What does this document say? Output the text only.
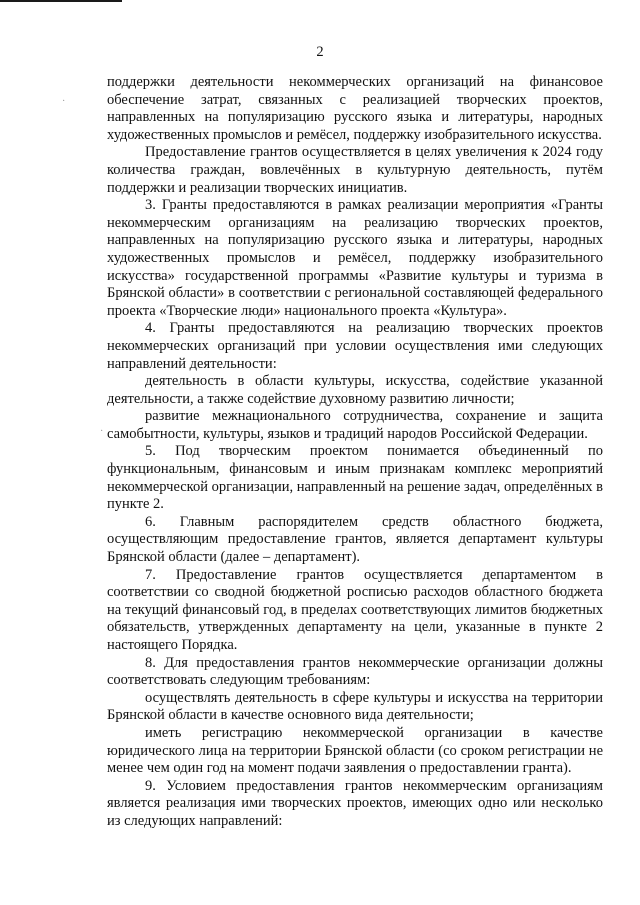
2
·
·

поддержки деятельности некоммерческих организаций на финансовое обеспечение затрат, связанных с реализацией творческих проектов, направленных на популяризацию русского языка и литературы, народных художественных промыслов и ремёсел, поддержку изобразительного искусства.

Предоставление грантов осуществляется в целях увеличения к 2024 году количества граждан, вовлечённых в культурную деятельность, путём поддержки и реализации творческих инициатив.

3. Гранты предоставляются в рамках реализации мероприятия «Гранты некоммерческим организациям на реализацию творческих проектов, направленных на популяризацию русского языка и литературы, народных художественных промыслов и ремёсел, поддержку изобразительного искусства» государственной программы «Развитие культуры и туризма в Брянской области» в соответствии с региональной составляющей федерального проекта «Творческие люди» национального проекта «Культура».

4. Гранты предоставляются на реализацию творческих проектов некоммерческих организаций при условии осуществления ими следующих направлений деятельности:

деятельность в области культуры, искусства, содействие указанной деятельности, а также содействие духовному развитию личности;

развитие межнационального сотрудничества, сохранение и защита самобытности, культуры, языков и традиций народов Российской Федерации.

5. Под творческим проектом понимается объединенный по функциональным, финансовым и иным признакам комплекс мероприятий некоммерческой организации, направленный на решение задач, определённых в пункте 2.

6. Главным распорядителем средств областного бюджета, осуществляющим предоставление грантов, является департамент культуры Брянской области (далее – департамент).

7. Предоставление грантов осуществляется департаментом в соответствии со сводной бюджетной росписью расходов областного бюджета на текущий финансовый год, в пределах соответствующих лимитов бюджетных обязательств, утвержденных департаменту на цели, указанные в пункте 2 настоящего Порядка.

8. Для предоставления грантов некоммерческие организации должны соответствовать следующим требованиям:

осуществлять деятельность в сфере культуры и искусства на территории Брянской области в качестве основного вида деятельности;

иметь регистрацию некоммерческой организации в качестве юридического лица на территории Брянской области (со сроком регистрации не менее чем один год на момент подачи заявления о предоставлении гранта).

9. Условием предоставления грантов некоммерческим организациям является реализация ими творческих проектов, имеющих одно или несколько из следующих направлений:
